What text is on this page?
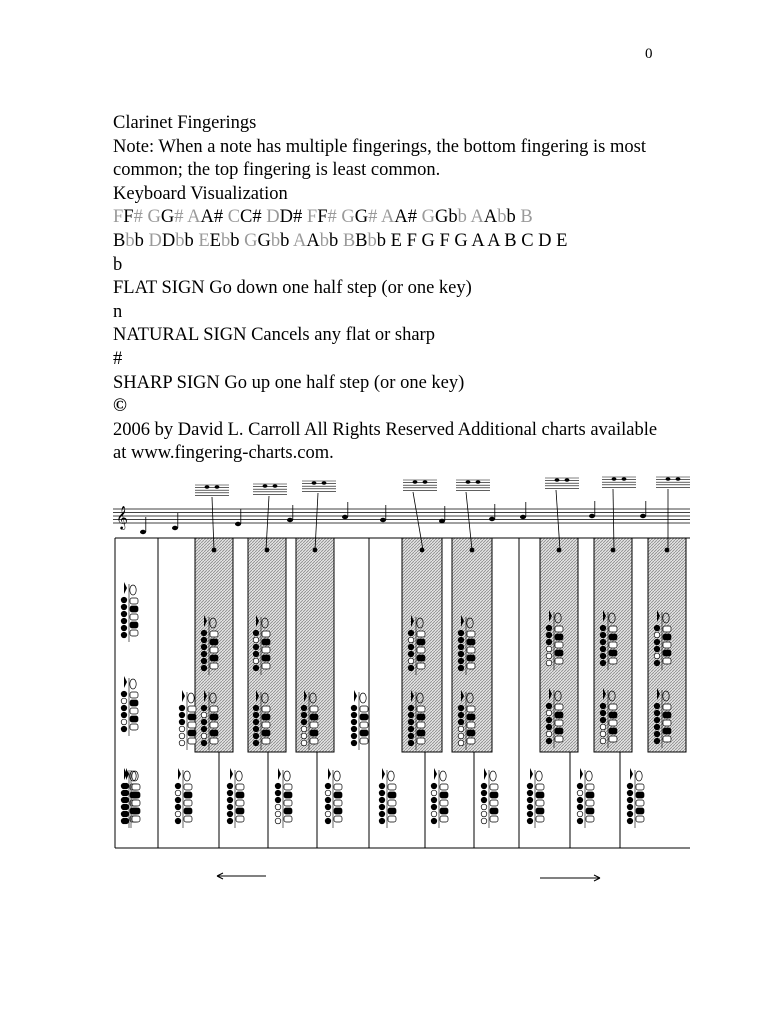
0
Clarinet Fingerings
Note: When a note has multiple fingerings, the bottom fingering is most common; the top fingering is least common.
Keyboard Visualization
FF# GG# AA# CC# DD# FF# GG# AA# GGbb AAbb B
Bbb DDbb EEbb GGbb AAbb BBbb E F G F G A A B C D E
b
FLAT SIGN Go down one half step (or one key)
n
NATURAL SIGN Cancels any flat or sharp
#
SHARP SIGN Go up one half step (or one key)
©
2006 by David L. Carroll All Rights Reserved Additional charts available at www.fingering-charts.com.
𝄞
